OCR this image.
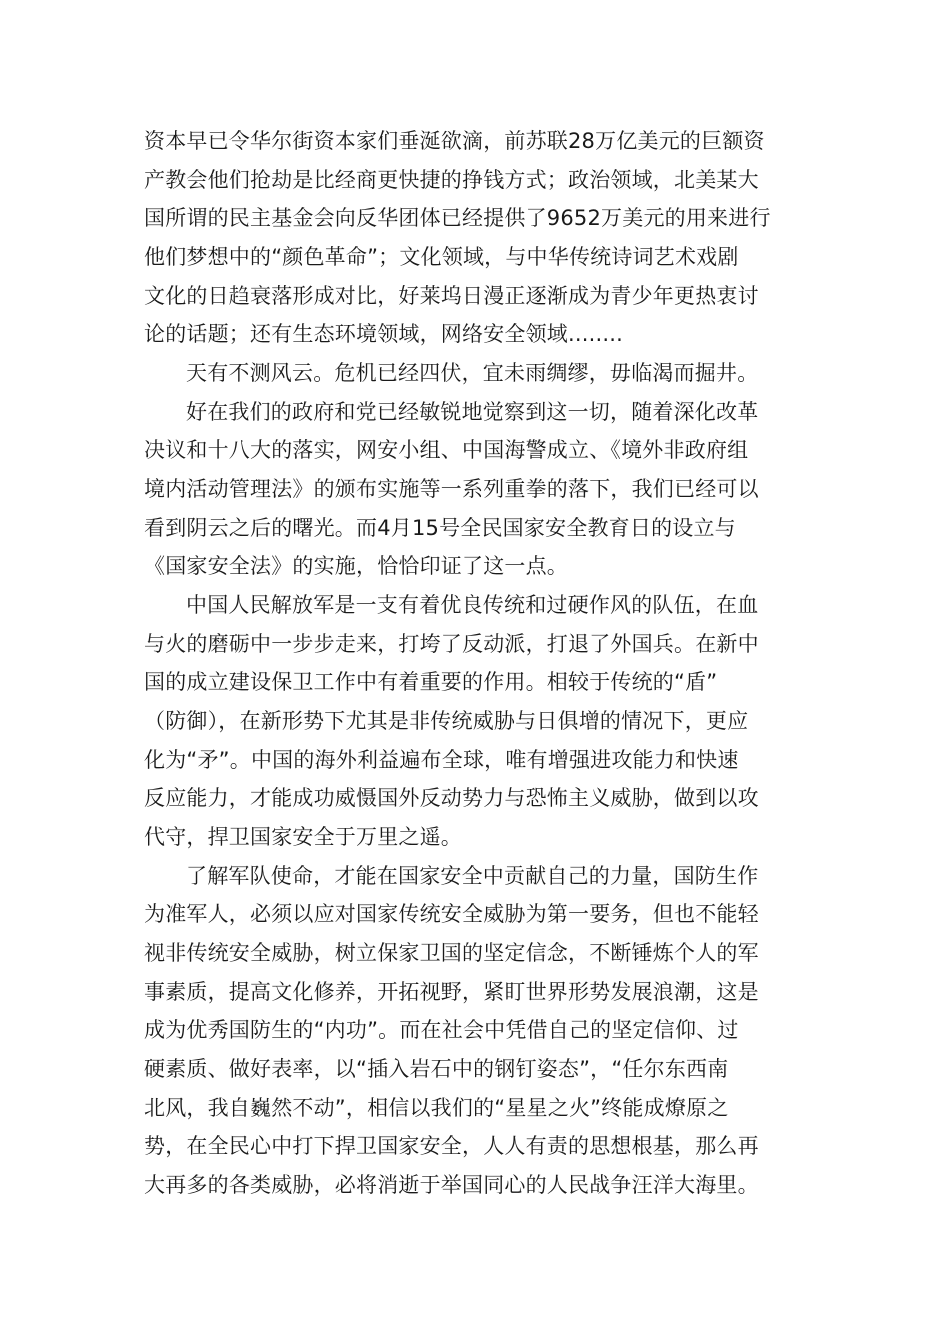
资本早已令华尔街资本家们垂涎欲滴，前苏联28万亿美元的巨额资
产教会他们抢劫是比经商更快捷的挣钱方式；政治领域，北美某大
国所谓的民主基金会向反华团体已经提供了9652万美元的用来进行
他们梦想中的“颜色革命”；文化领域，与中华传统诗词艺术戏剧
文化的日趋衰落形成对比，好莱坞日漫正逐渐成为青少年更热衷讨
论的话题；还有生态环境领域，网络安全领域........
天有不测风云。危机已经四伏，宜未雨绸缪，毋临渴而掘井。
好在我们的政府和党已经敏锐地觉察到这一切，随着深化改革
决议和十八大的落实，网安小组、中国海警成立、《境外非政府组
境内活动管理法》的颁布实施等一系列重拳的落下，我们已经可以
看到阴云之后的曙光。而4月15号全民国家安全教育日的设立与
《国家安全法》的实施，恰恰印证了这一点。
中国人民解放军是一支有着优良传统和过硬作风的队伍，在血
与火的磨砺中一步步走来，打垮了反动派，打退了外国兵。在新中
国的成立建设保卫工作中有着重要的作用。相较于传统的“盾”
（防御），在新形势下尤其是非传统威胁与日俱增的情况下，更应
化为“矛”。中国的海外利益遍布全球，唯有增强进攻能力和快速
反应能力，才能成功威慑国外反动势力与恐怖主义威胁，做到以攻
代守，捍卫国家安全于万里之遥。
了解军队使命，才能在国家安全中贡献自己的力量，国防生作
为准军人，必须以应对国家传统安全威胁为第一要务，但也不能轻
视非传统安全威胁，树立保家卫国的坚定信念，不断锤炼个人的军
事素质，提高文化修养，开拓视野，紧盯世界形势发展浪潮，这是
成为优秀国防生的“内功”。而在社会中凭借自己的坚定信仰、过
硬素质、做好表率，以“插入岩石中的钢钉姿态”，“任尔东西南
北风，我自巍然不动”，相信以我们的“星星之火”终能成燎原之
势，在全民心中打下捍卫国家安全，人人有责的思想根基，那么再
大再多的各类威胁，必将消逝于举国同心的人民战争汪洋大海里。
